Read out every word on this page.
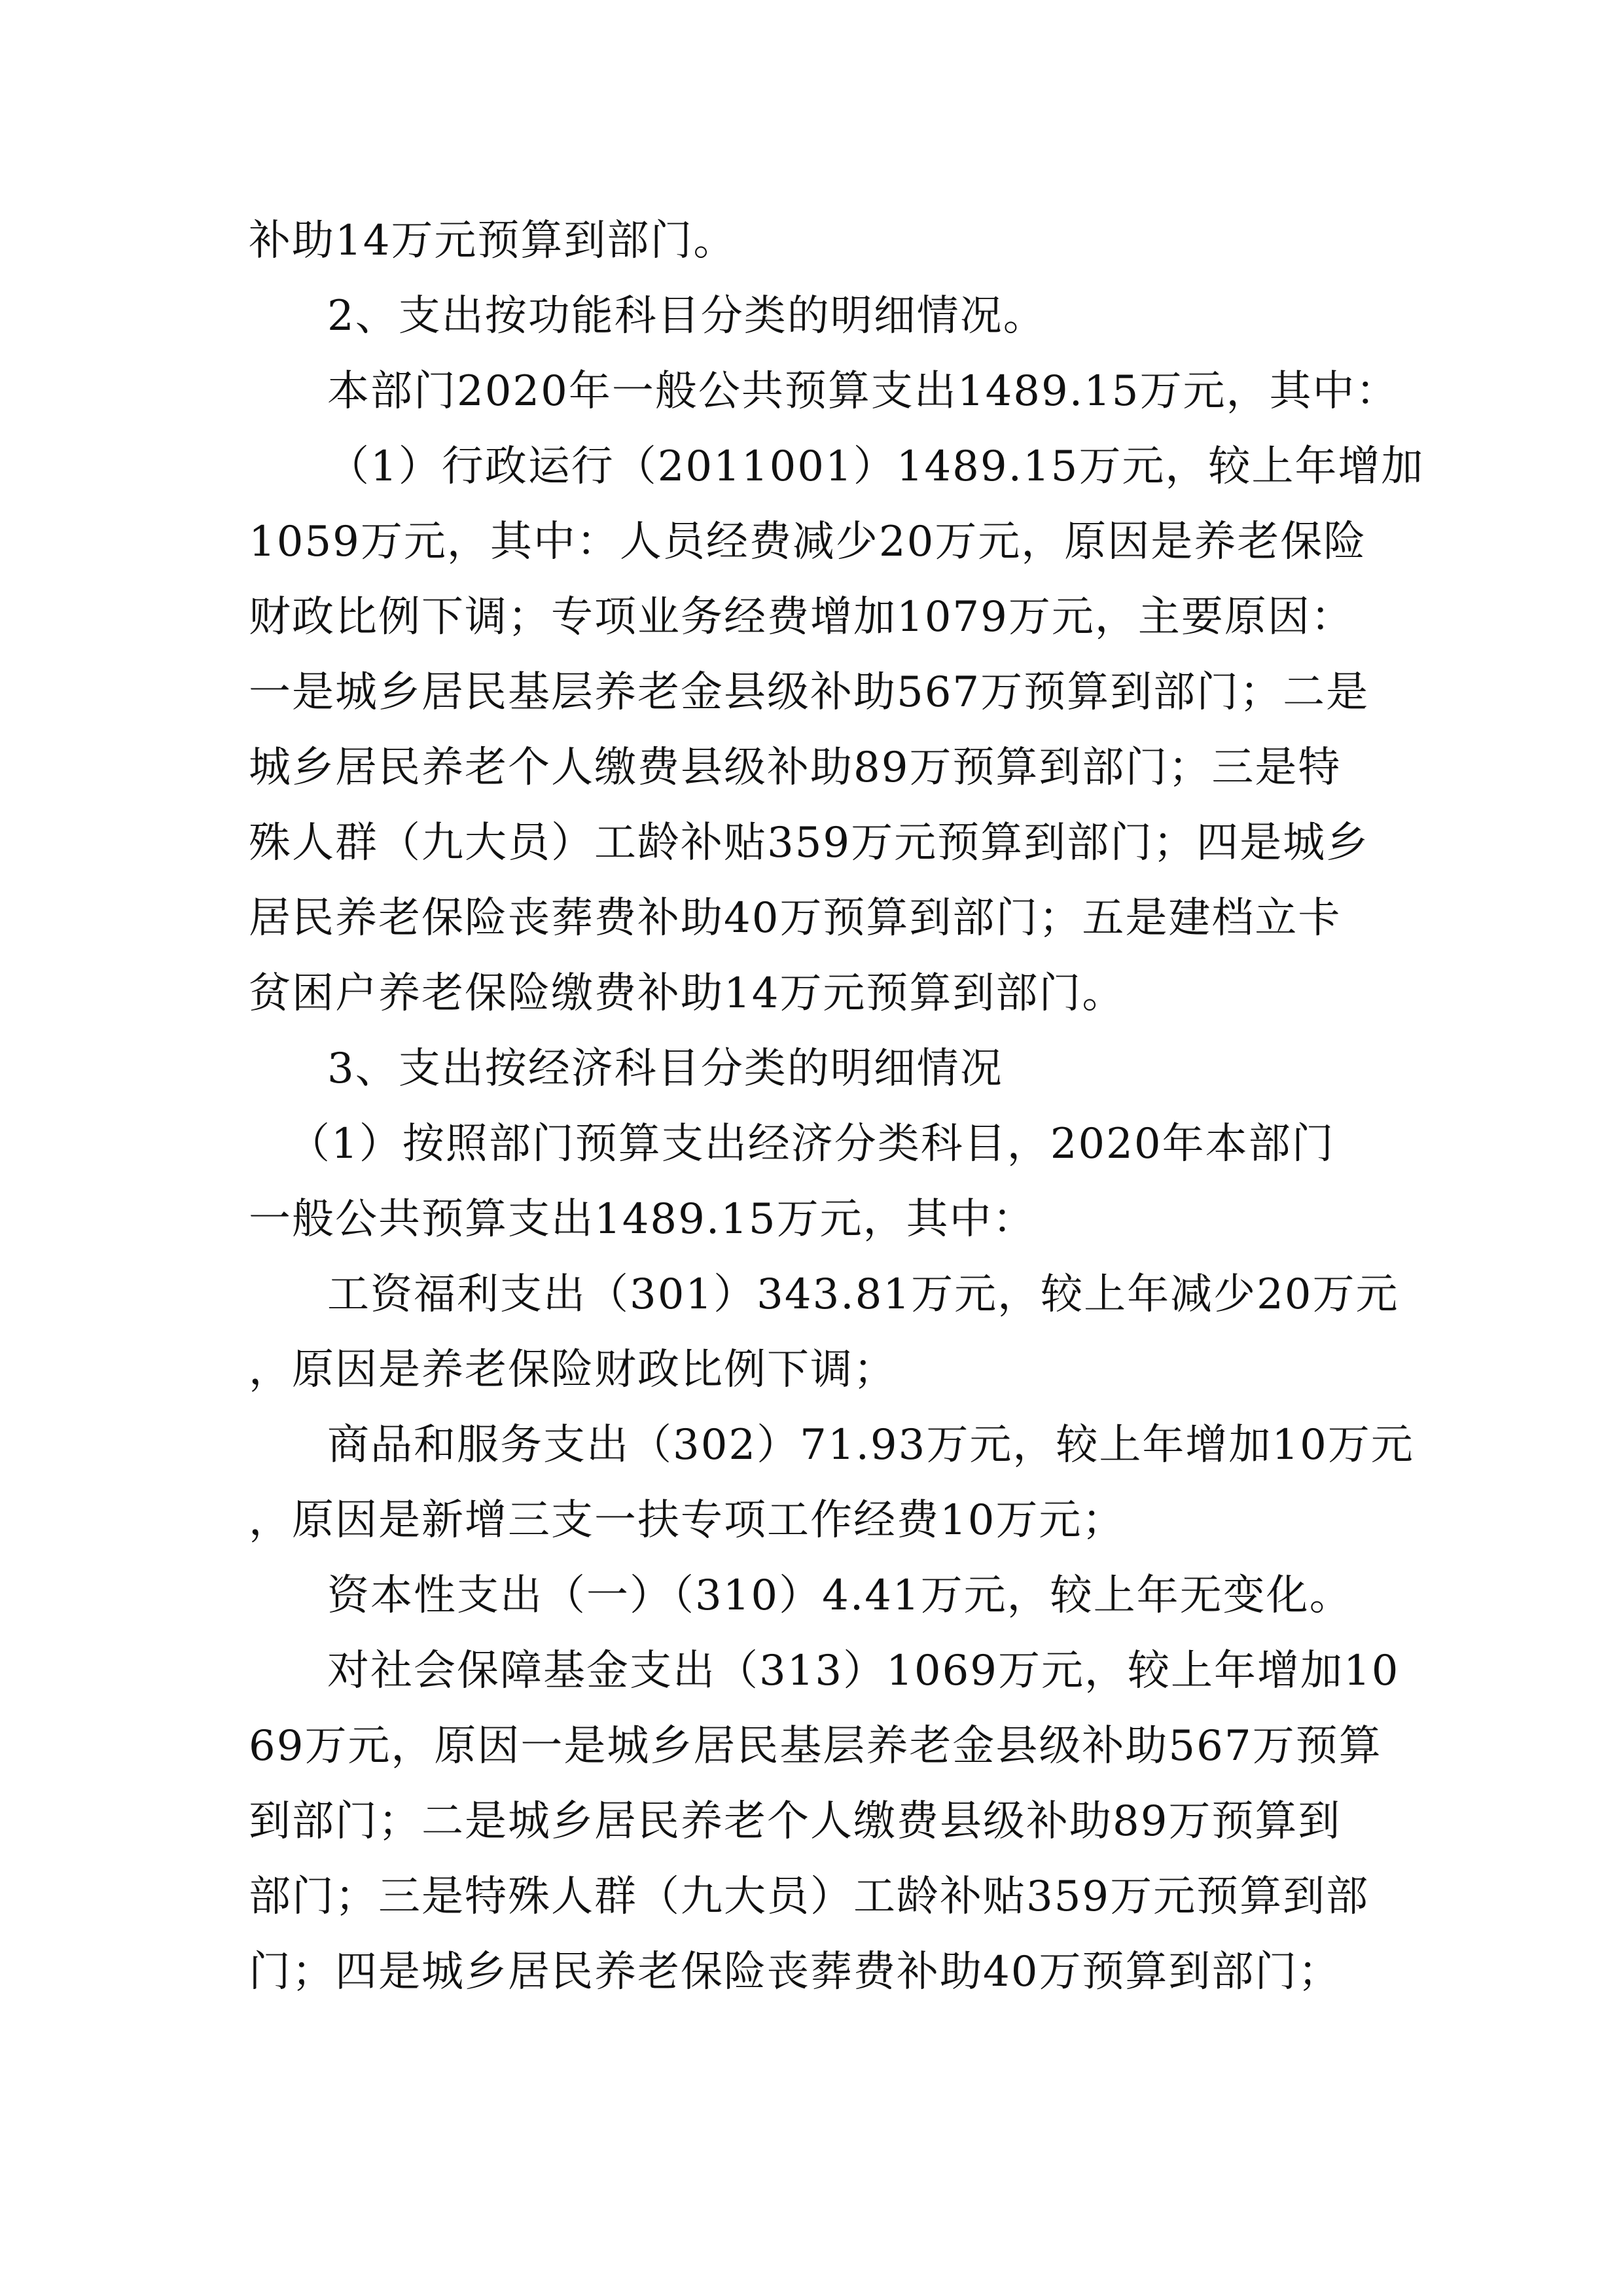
补助14万元预算到部门。
2、支出按功能科目分类的明细情况。
本部门2020年一般公共预算支出1489.15万元，其中：
（1）行政运行（2011001）1489.15万元，较上年增加
1059万元，其中：人员经费减少20万元，原因是养老保险
财政比例下调；专项业务经费增加1079万元，主要原因：
一是城乡居民基层养老金县级补助567万预算到部门；二是
城乡居民养老个人缴费县级补助89万预算到部门；三是特
殊人群（九大员）工龄补贴359万元预算到部门；四是城乡
居民养老保险丧葬费补助40万预算到部门；五是建档立卡
贫困户养老保险缴费补助14万元预算到部门。
3、支出按经济科目分类的明细情况
（1）按照部门预算支出经济分类科目，2020年本部门
一般公共预算支出1489.15万元，其中：
工资福利支出（301）343.81万元，较上年减少20万元
，原因是养老保险财政比例下调；
商品和服务支出（302）71.93万元，较上年增加10万元
，原因是新增三支一扶专项工作经费10万元；
资本性支出（一）（310）4.41万元，较上年无变化。
对社会保障基金支出（313）1069万元，较上年增加10
69万元，原因一是城乡居民基层养老金县级补助567万预算
到部门；二是城乡居民养老个人缴费县级补助89万预算到
部门；三是特殊人群（九大员）工龄补贴359万元预算到部
门；四是城乡居民养老保险丧葬费补助40万预算到部门；
